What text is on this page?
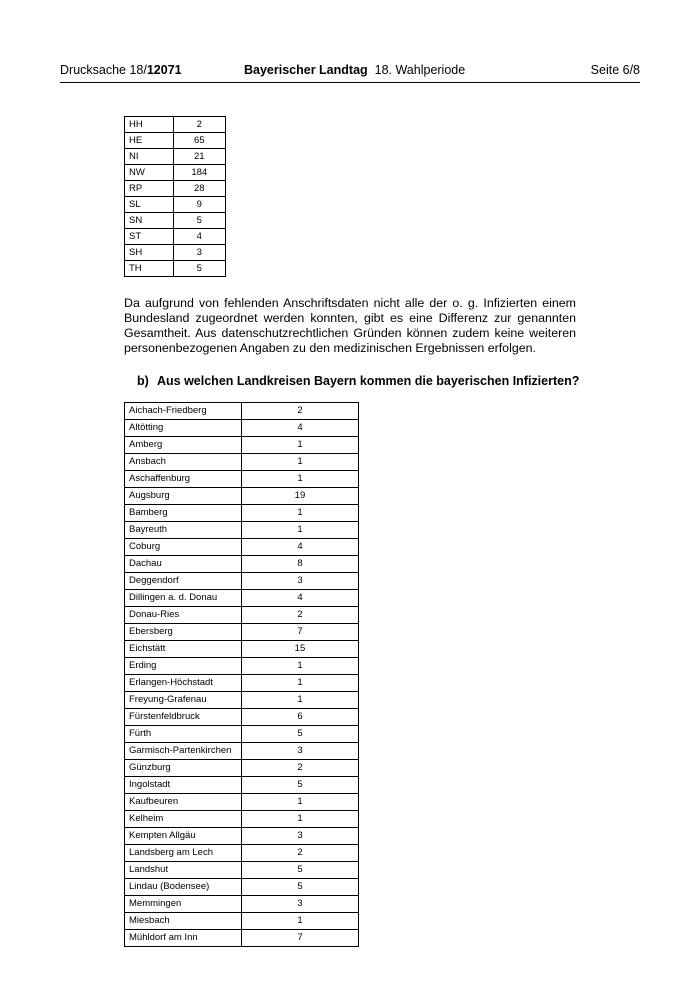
Drucksache 18/12071	Bayerischer Landtag 18. Wahlperiode	Seite 6/8
HH	2
HE	65
NI	21
NW	184
RP	28
SL	9
SN	5
ST	4
SH	3
TH	5
Da aufgrund von fehlenden Anschriftsdaten nicht alle der o. g. Infizierten einem Bundesland zugeordnet werden konnten, gibt es eine Differenz zur genannten Gesamtheit. Aus datenschutzrechtlichen Gründen können zudem keine weiteren personenbezogenen Angaben zu den medizinischen Ergebnissen erfolgen.
b) Aus welchen Landkreisen Bayern kommen die bayerischen Infizierten?
Aichach-Friedberg	2
Altötting	4
Amberg	1
Ansbach	1
Aschaffenburg	1
Augsburg	19
Bamberg	1
Bayreuth	1
Coburg	4
Dachau	8
Deggendorf	3
Dillingen a. d. Donau	4
Donau-Ries	2
Ebersberg	7
Eichstätt	15
Erding	1
Erlangen-Höchstadt	1
Freyung-Grafenau	1
Fürstenfeldbruck	6
Fürth	5
Garmisch-Partenkirchen	3
Günzburg	2
Ingolstadt	5
Kaufbeuren	1
Kelheim	1
Kempten Allgäu	3
Landsberg am Lech	2
Landshut	5
Lindau (Bodensee)	5
Memmingen	3
Miesbach	1
Mühldorf am Inn	7
